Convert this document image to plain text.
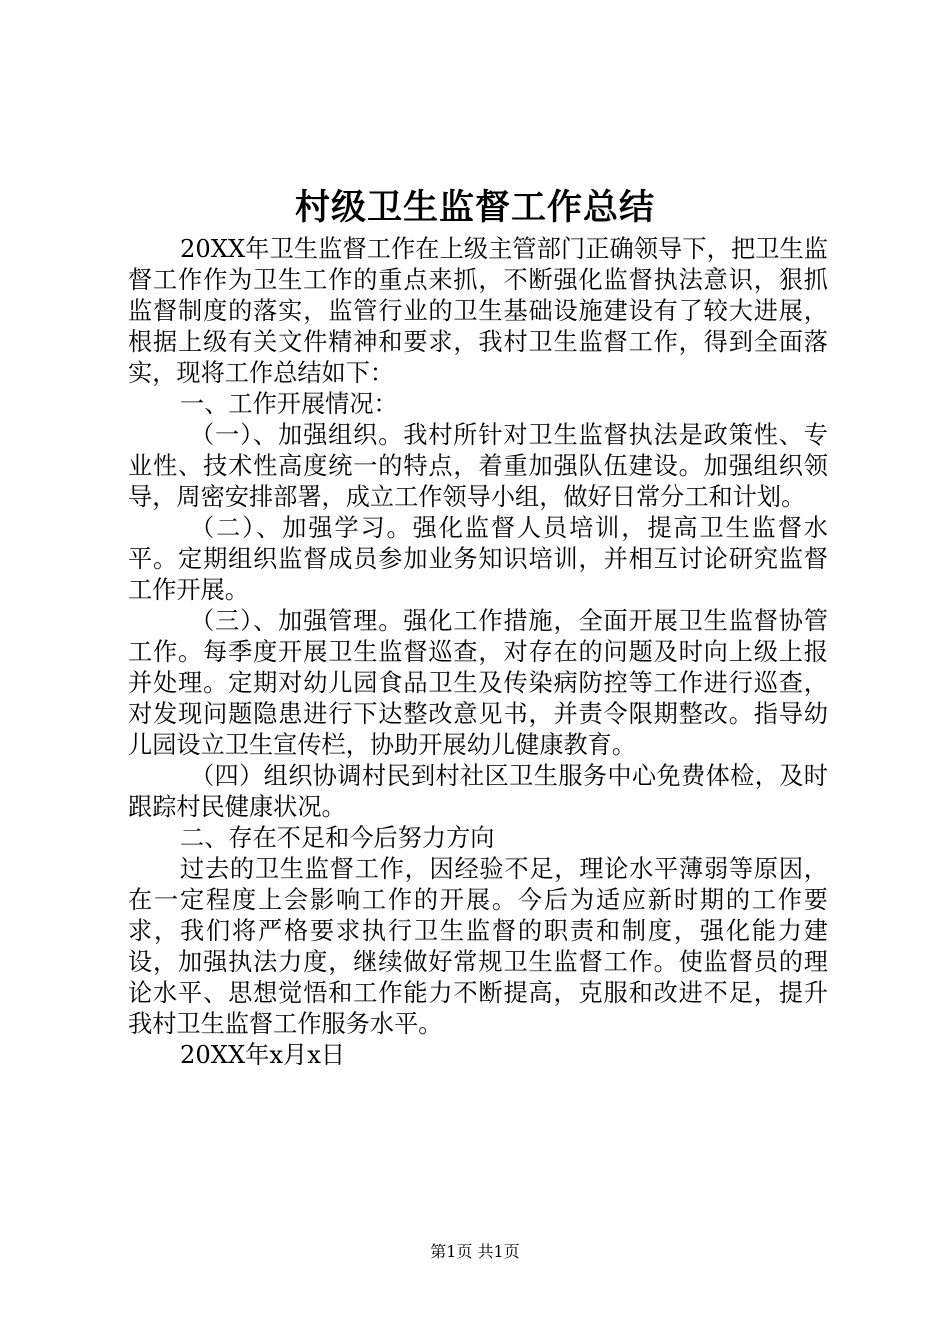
村级卫生监督工作总结

20XX年卫生监督工作在上级主管部门正确领导下，把卫生监督工作作为卫生工作的重点来抓，不断强化监督执法意识，狠抓监督制度的落实，监管行业的卫生基础设施建设有了较大进展，根据上级有关文件精神和要求，我村卫生监督工作，得到全面落实，现将工作总结如下：

一、工作开展情况：

（一）、加强组织。我村所针对卫生监督执法是政策性、专业性、技术性高度统一的特点，着重加强队伍建设。加强组织领导，周密安排部署，成立工作领导小组，做好日常分工和计划。

（二）、加强学习。强化监督人员培训，提高卫生监督水平。定期组织监督成员参加业务知识培训，并相互讨论研究监督工作开展。

（三）、加强管理。强化工作措施，全面开展卫生监督协管工作。每季度开展卫生监督巡查，对存在的问题及时向上级上报并处理。定期对幼儿园食品卫生及传染病防控等工作进行巡查，对发现问题隐患进行下达整改意见书，并责令限期整改。指导幼儿园设立卫生宣传栏，协助开展幼儿健康教育。

（四）组织协调村民到村社区卫生服务中心免费体检，及时跟踪村民健康状况。

二、存在不足和今后努力方向

过去的卫生监督工作，因经验不足，理论水平薄弱等原因，在一定程度上会影响工作的开展。今后为适应新时期的工作要求，我们将严格要求执行卫生监督的职责和制度，强化能力建设，加强执法力度，继续做好常规卫生监督工作。使监督员的理论水平、思想觉悟和工作能力不断提高，克服和改进不足，提升我村卫生监督工作服务水平。

20XX年x月x日

第1页 共1页
